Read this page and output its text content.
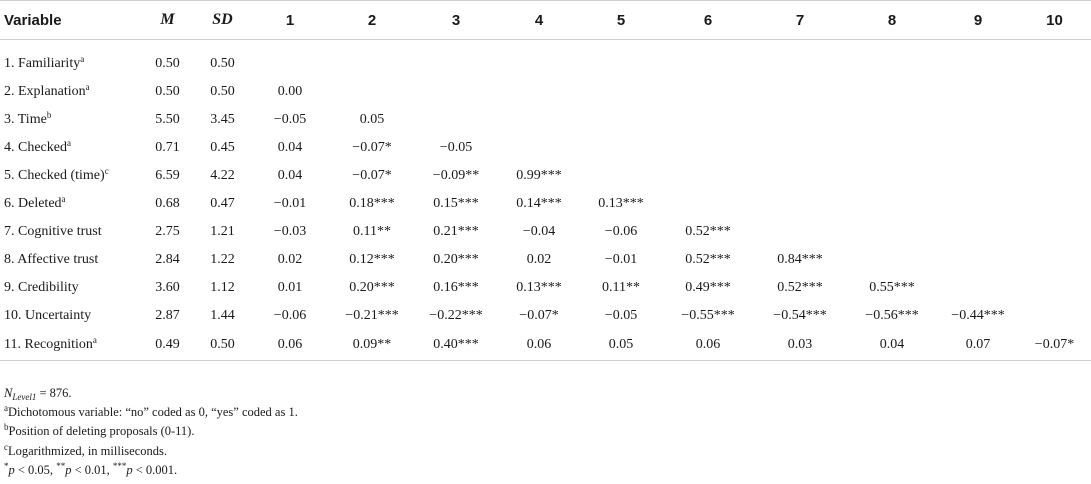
Variable	M	SD	1	2	3	4	5	6	7	8	9	10
1. Familiarity$^a$	0.50	0.50										
2. Explanation$^a$	0.50	0.50	0.00									
3. Time$^b$	5.50	3.45	−0.05	0.05								
4. Checked$^a$	0.71	0.45	0.04	−0.07*	−0.05							
5. Checked (time)$^c$	6.59	4.22	0.04	−0.07*	−0.09**	0.99***						
6. Deleted$^a$	0.68	0.47	−0.01	0.18***	0.15***	0.14***	0.13***					
7. Cognitive trust	2.75	1.21	−0.03	0.11**	0.21***	−0.04	−0.06	0.52***				
8. Affective trust	2.84	1.22	0.02	0.12***	0.20***	0.02	−0.01	0.52***	0.84***			
9. Credibility	3.60	1.12	0.01	0.20***	0.16***	0.13***	0.11**	0.49***	0.52***	0.55***		
10. Uncertainty	2.87	1.44	−0.06	−0.21***	−0.22***	−0.07*	−0.05	−0.55***	−0.54***	−0.56***	−0.44***	
11. Recognition$^a$	0.49	0.50	0.06	0.09**	0.40***	0.06	0.05	0.06	0.03	0.04	0.07	−0.07*
$N_{Level1} = 876$.
$^a$Dichotomous variable: “no” coded as 0, “yes” coded as 1.
$^b$Position of deleting proposals (0-11).
$^c$Logarithmized, in milliseconds.
*p < 0.05, **p < 0.01, ***p < 0.001.
